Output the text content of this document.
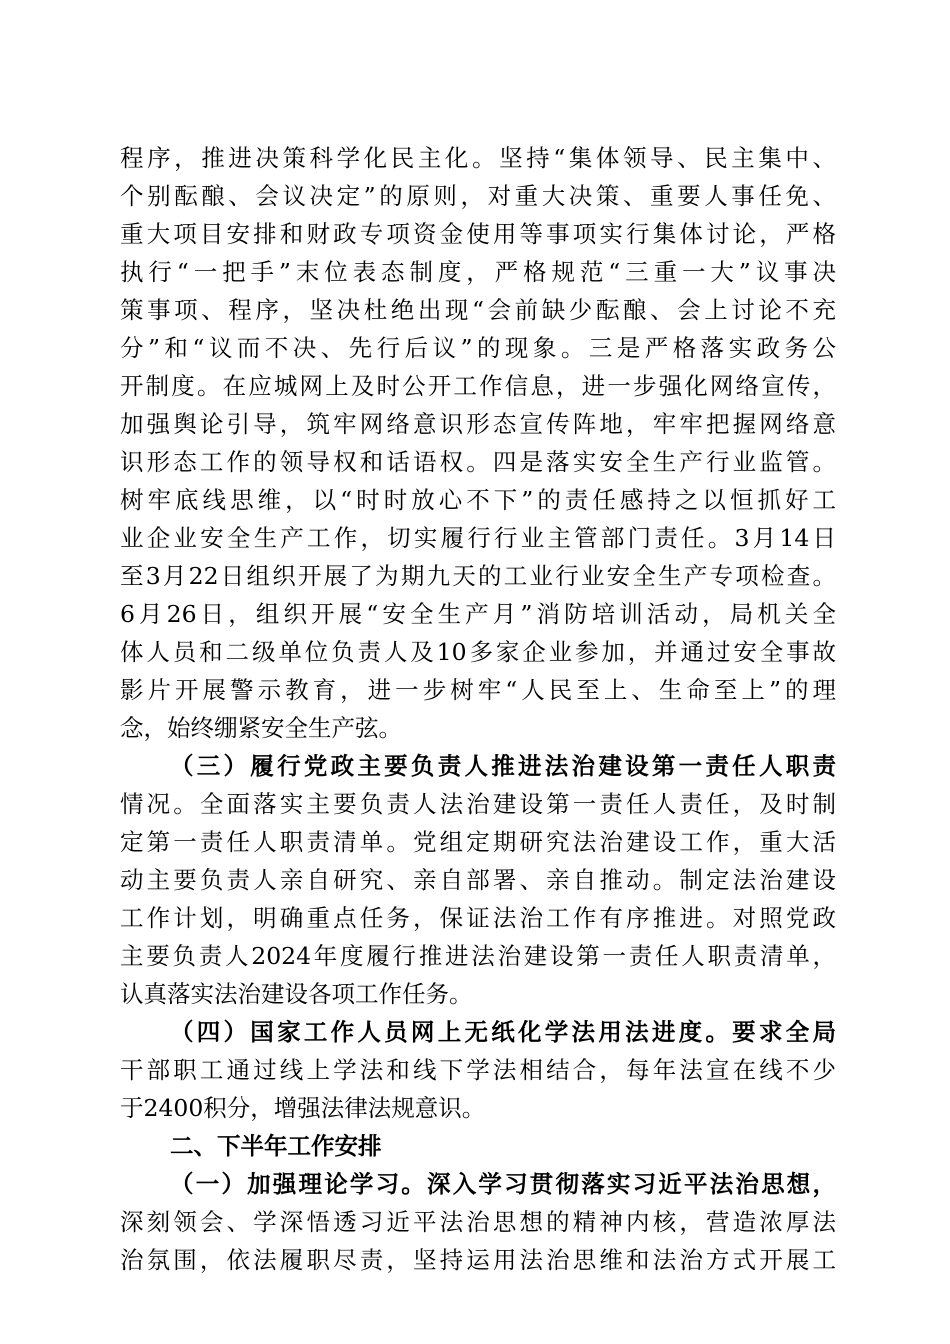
程序，推进决策科学化民主化。坚持“集体领导、民主集中、
个别酝酿、会议决定”的原则，对重大决策、重要人事任免、
重大项目安排和财政专项资金使用等事项实行集体讨论，严格
执行“一把手”末位表态制度，严格规范“三重一大”议事决
策事项、程序，坚决杜绝出现“会前缺少酝酿、会上讨论不充
分”和“议而不决、先行后议”的现象。三是严格落实政务公
开制度。在应城网上及时公开工作信息，进一步强化网络宣传，
加强舆论引导，筑牢网络意识形态宣传阵地，牢牢把握网络意
识形态工作的领导权和话语权。四是落实安全生产行业监管。
树牢底线思维，以“时时放心不下”的责任感持之以恒抓好工
业企业安全生产工作，切实履行行业主管部门责任。3月14日
至3月22日组织开展了为期九天的工业行业安全生产专项检查。
6月26日，组织开展“安全生产月”消防培训活动，局机关全
体人员和二级单位负责人及10多家企业参加，并通过安全事故
影片开展警示教育，进一步树牢“人民至上、生命至上”的理
念，始终绷紧安全生产弦。
（三）履行党政主要负责人推进法治建设第一责任人职责
情况。全面落实主要负责人法治建设第一责任人责任，及时制
定第一责任人职责清单。党组定期研究法治建设工作，重大活
动主要负责人亲自研究、亲自部署、亲自推动。制定法治建设
工作计划，明确重点任务，保证法治工作有序推进。对照党政
主要负责人2024年度履行推进法治建设第一责任人职责清单，
认真落实法治建设各项工作任务。
（四）国家工作人员网上无纸化学法用法进度。要求全局
干部职工通过线上学法和线下学法相结合，每年法宣在线不少
于2400积分，增强法律法规意识。
二、下半年工作安排
（一）加强理论学习。深入学习贯彻落实习近平法治思想，
深刻领会、学深悟透习近平法治思想的精神内核，营造浓厚法
治氛围，依法履职尽责，坚持运用法治思维和法治方式开展工
